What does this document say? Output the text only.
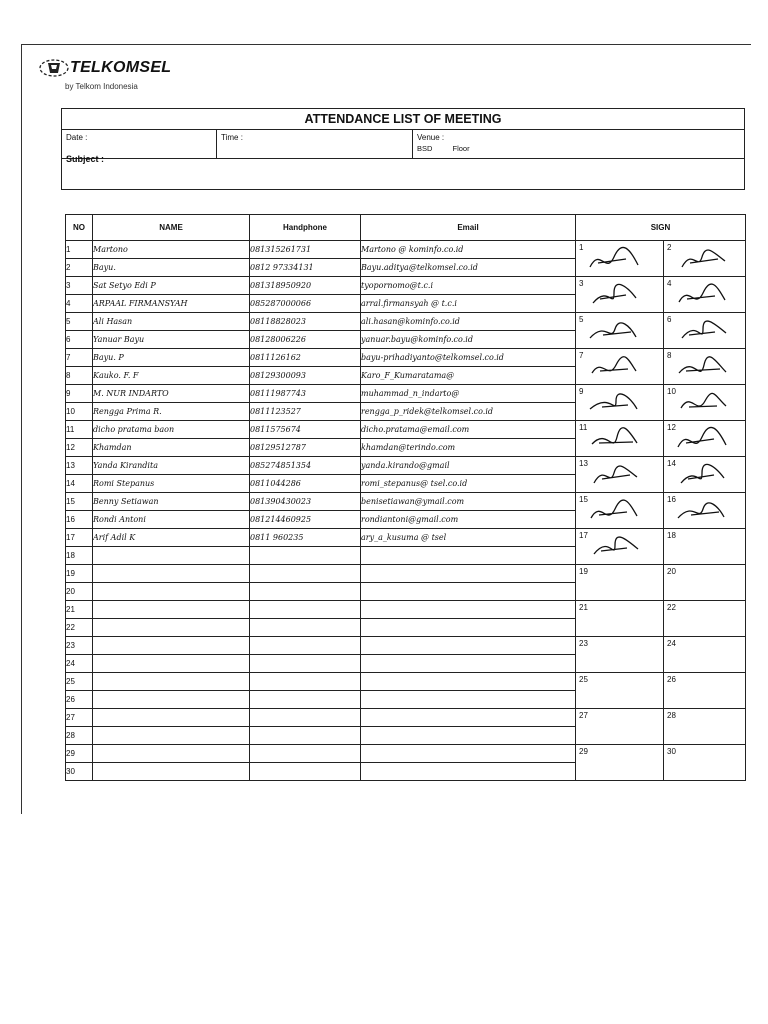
TELKOMSEL
by Telkom Indonesia
ATTENDANCE LIST OF MEETING
Date :	Time :	Venue :
BSD	Floor
Subject :
NO	NAME	Handphone	Email	SIGN	
1	Martono	081315261731	Martono @ kominfo.co.id	1	2

2	Bayu.	0812 97334131	Bayu.aditya@telkomsel.co.id		
3	Sat Setyo Edi P	081318950920	tyopornomo@t.c.i	3	4

4	ARPAAL FIRMANSYAH	085287000066	arral.firmansyah @ t.c.i		
5	Ali Hasan	08118828023	ali.hasan@kominfo.co.id	5	6

6	Yanuar Bayu	08128006226	yanuar.bayu@kominfo.co.id		
7	Bayu. P	0811126162	bayu-prihadiyanto@telkomsel.co.id	7	8

8	Kauko. F. F	08129300093	Karo_F_Kumaratama@		
9	M. NUR INDARTO	08111987743	muhammad_n_indarto@	9	10

10	Rengga Prima R.	0811123527	rengga_p_ridek@telkomsel.co.id		
11	dicho pratama baon	0811575674	dicho.pratama@email.com	11	12

12	Khamdan	08129512787	khamdan@terindo.com		
13	Yanda Kirandita	085274851354	yanda.kirando@gmail	13	14

14	Romi Stepanus	0811044286	romi_stepanus@ tsel.co.id		
15	Benny Setiawan	081390430023	benisetiawan@ymail.com	15	16

16	Rondi Antoni	081214460925	rondiantoni@gmail.com		
17	Arif Adil K	0811 960235	ary_a_kusuma @ tsel	17	18

18					
19				19	20

20					
21				21	22

22					
23				23	24

24					
25				25	26

26					
27				27	28

28					
29				29	30

30					
